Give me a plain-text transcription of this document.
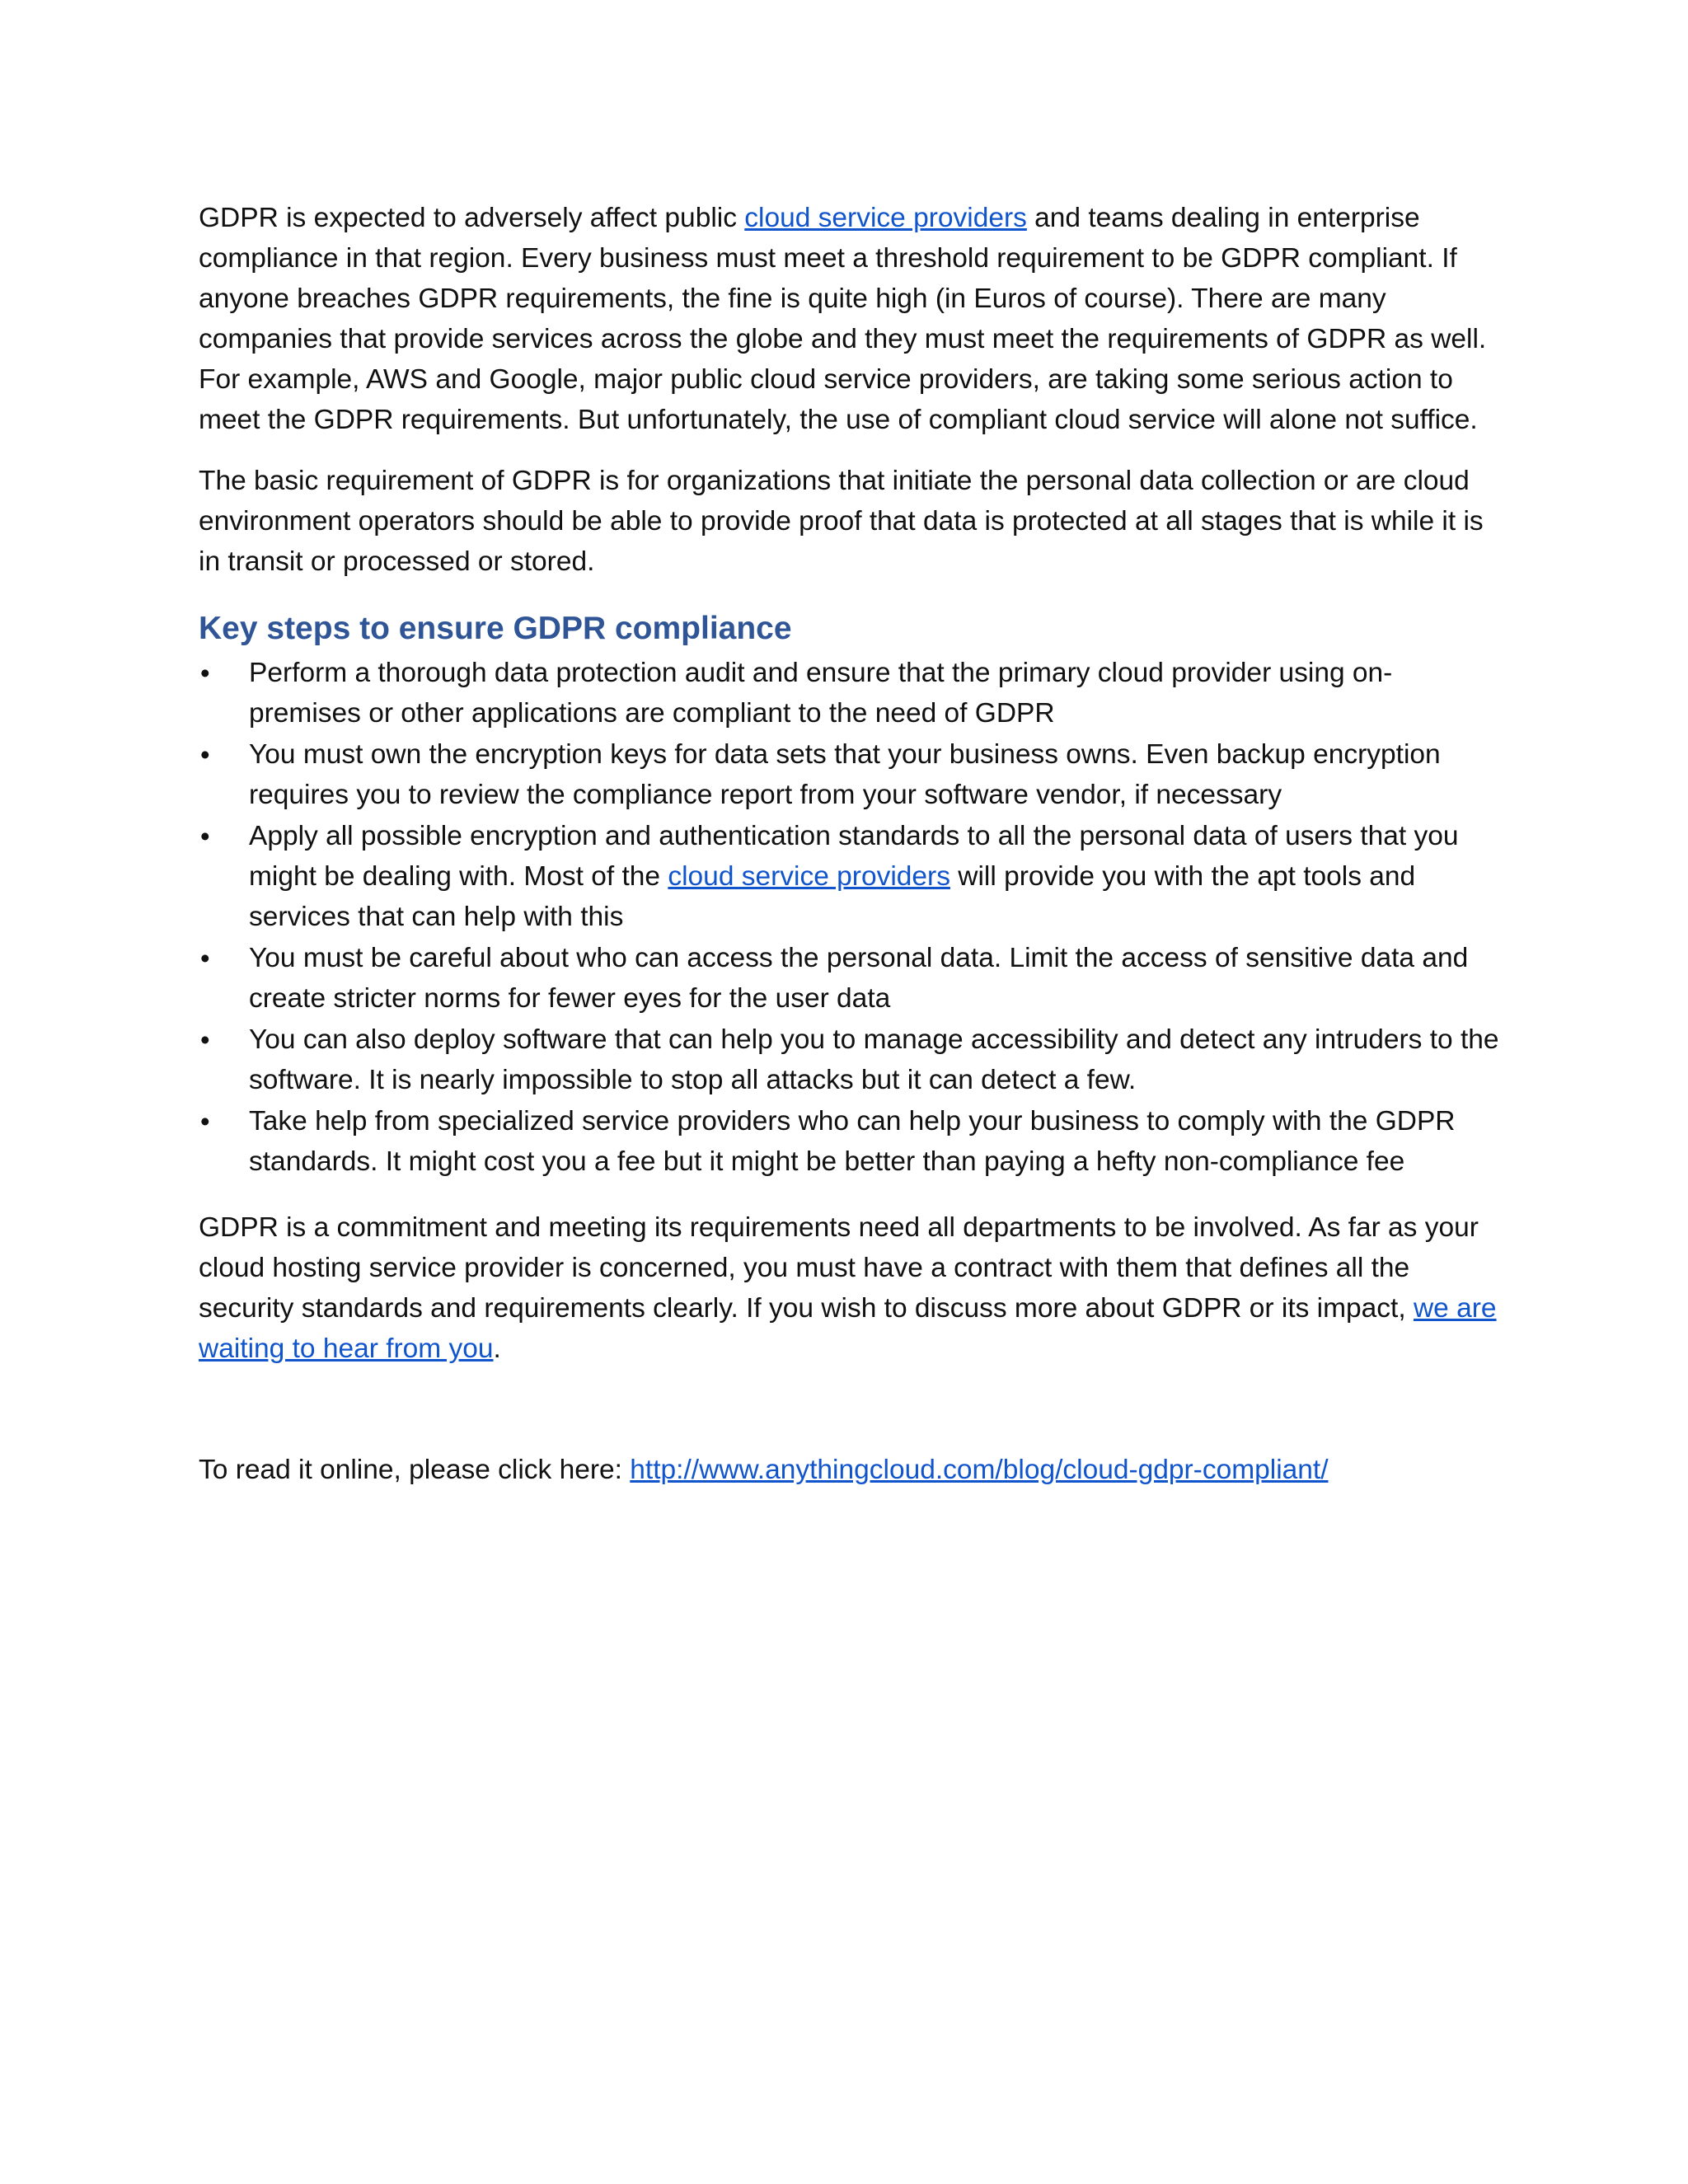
GDPR is expected to adversely affect public cloud service providers and teams dealing in enterprise compliance in that region. Every business must meet a threshold requirement to be GDPR compliant. If anyone breaches GDPR requirements, the fine is quite high (in Euros of course). There are many companies that provide services across the globe and they must meet the requirements of GDPR as well. For example, AWS and Google, major public cloud service providers, are taking some serious action to meet the GDPR requirements. But unfortunately, the use of compliant cloud service will alone not suffice.

The basic requirement of GDPR is for organizations that initiate the personal data collection or are cloud environment operators should be able to provide proof that data is protected at all stages that is while it is in transit or processed or stored.

Key steps to ensure GDPR compliance
• Perform a thorough data protection audit and ensure that the primary cloud provider using on-premises or other applications are compliant to the need of GDPR
• You must own the encryption keys for data sets that your business owns. Even backup encryption requires you to review the compliance report from your software vendor, if necessary
• Apply all possible encryption and authentication standards to all the personal data of users that you might be dealing with. Most of the cloud service providers will provide you with the apt tools and services that can help with this
• You must be careful about who can access the personal data. Limit the access of sensitive data and create stricter norms for fewer eyes for the user data
• You can also deploy software that can help you to manage accessibility and detect any intruders to the software. It is nearly impossible to stop all attacks but it can detect a few.
• Take help from specialized service providers who can help your business to comply with the GDPR standards. It might cost you a fee but it might be better than paying a hefty non-compliance fee

GDPR is a commitment and meeting its requirements need all departments to be involved. As far as your cloud hosting service provider is concerned, you must have a contract with them that defines all the security standards and requirements clearly. If you wish to discuss more about GDPR or its impact, we are waiting to hear from you.

To read it online, please click here: http://www.anythingcloud.com/blog/cloud-gdpr-compliant/
